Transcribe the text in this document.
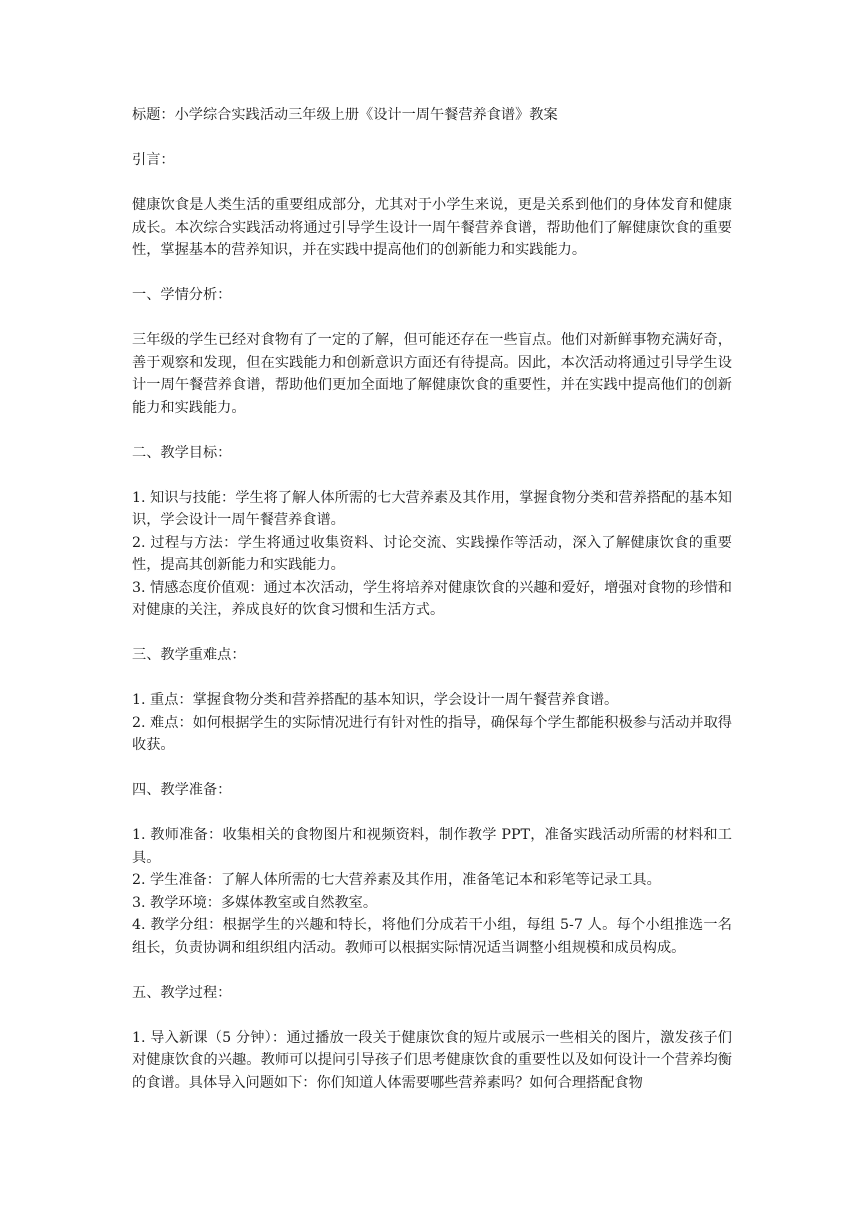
标题：小学综合实践活动三年级上册《设计一周午餐营养食谱》教案

引言：

健康饮食是人类生活的重要组成部分，尤其对于小学生来说，更是关系到他们的身体发育和健康成长。本次综合实践活动将通过引导学生设计一周午餐营养食谱，帮助他们了解健康饮食的重要性，掌握基本的营养知识，并在实践中提高他们的创新能力和实践能力。

一、学情分析：

三年级的学生已经对食物有了一定的了解，但可能还存在一些盲点。他们对新鲜事物充满好奇，善于观察和发现，但在实践能力和创新意识方面还有待提高。因此，本次活动将通过引导学生设计一周午餐营养食谱，帮助他们更加全面地了解健康饮食的重要性，并在实践中提高他们的创新能力和实践能力。

二、教学目标：

1. 知识与技能：学生将了解人体所需的七大营养素及其作用，掌握食物分类和营养搭配的基本知识，学会设计一周午餐营养食谱。
2. 过程与方法：学生将通过收集资料、讨论交流、实践操作等活动，深入了解健康饮食的重要性，提高其创新能力和实践能力。
3. 情感态度价值观：通过本次活动，学生将培养对健康饮食的兴趣和爱好，增强对食物的珍惜和对健康的关注，养成良好的饮食习惯和生活方式。

三、教学重难点：

1. 重点：掌握食物分类和营养搭配的基本知识，学会设计一周午餐营养食谱。
2. 难点：如何根据学生的实际情况进行有针对性的指导，确保每个学生都能积极参与活动并取得收获。

四、教学准备：

1. 教师准备：收集相关的食物图片和视频资料，制作教学 PPT，准备实践活动所需的材料和工具。
2. 学生准备：了解人体所需的七大营养素及其作用，准备笔记本和彩笔等记录工具。
3. 教学环境：多媒体教室或自然教室。
4. 教学分组：根据学生的兴趣和特长，将他们分成若干小组，每组 5-7 人。每个小组推选一名组长，负责协调和组织组内活动。教师可以根据实际情况适当调整小组规模和成员构成。

五、教学过程：

1. 导入新课（5 分钟）：通过播放一段关于健康饮食的短片或展示一些相关的图片，激发孩子们对健康饮食的兴趣。教师可以提问引导孩子们思考健康饮食的重要性以及如何设计一个营养均衡的食谱。具体导入问题如下：你们知道人体需要哪些营养素吗？如何合理搭配食物
